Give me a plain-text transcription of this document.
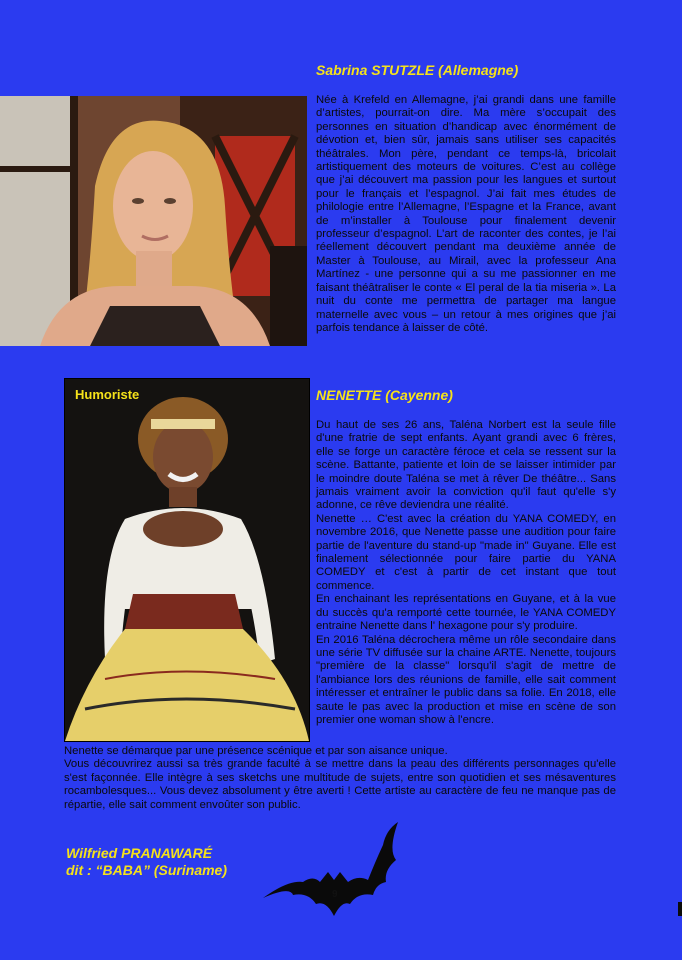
Sabrina STUTZLE (Allemagne)

Née à Krefeld en Allemagne, j’ai grandi dans une famille d’artistes, pourrait-on dire. Ma mère s’occupait des personnes en situation d’handicap avec énormément de dévotion et, bien sûr, jamais sans utiliser ses capacités théâtrales. Mon père, pendant ce temps-là, bricolait artistiquement des moteurs de voitures. C’est au collège que j’ai découvert ma passion pour les langues et surtout pour le français et l’espagnol. J’ai fait mes études de philologie entre l’Allemagne, l’Espagne et la France, avant de m’installer à Toulouse pour finalement devenir professeur d’espagnol. L’art de raconter des contes, je l’ai réellement découvert pendant ma deuxième année de Master à Toulouse, au Mirail, avec la professeur Ana Martínez - une personne qui a su me passionner en me faisant théâtraliser le conte « El peral de la tia miseria ». La nuit du conte me permettra de partager ma langue maternelle avec vous – un retour à mes origines que j’ai parfois tendance à laisser de côté.

Humoriste	NENETTE (Cayenne)

Du haut de ses 26 ans, Taléna Norbert est la seule fille d'une fratrie de sept enfants. Ayant grandi avec 6 frères, elle se forge un caractère féroce et cela se ressent sur la scène. Battante, patiente et loin de se laisser intimider par le moindre doute Taléna se met à rêver De théâtre... Sans jamais vraiment avoir la conviction qu'il faut qu'elle s'y adonne, ce rêve deviendra une réalité.
Nenette … C'est avec la création du YANA COMEDY, en novembre 2016, que Nenette passe une audition pour faire partie de l'aventure du stand-up "made in" Guyane. Elle est finalement sélectionnée pour faire partie du YANA COMEDY et c'est à partir de cet instant que tout commence.
En enchainant les représentations en Guyane, et à la vue du succès qu'a remporté cette tournée, le YANA COMEDY entraine Nenette dans l' hexagone pour s'y produire.
En 2016 Taléna décrochera même un rôle secondaire dans une série TV diffusée sur la chaine ARTE. Nenette, toujours "première de la classe" lorsqu'il s'agit de mettre de l'ambiance lors des réunions de famille, elle sait comment intéresser et entraîner le public dans sa folie. En 2018, elle saute le pas avec la production et mise en scène de son premier one woman show à l'encre.

Nenette se démarque par une présence scénique et par son aisance unique.
Vous découvrirez aussi sa très grande faculté à se mettre dans la peau des différents personnages qu'elle s'est façonnée. Elle intègre à ses sketchs une multitude de sujets, entre son quotidien et ses mésaventures rocambolesques... Vous devez absolument y être averti ! Cette artiste au caractère de feu ne manque pas de répartie, elle sait comment envoûter son public.

Wilfried PRANAWARÉ
dit : “BABA” (Suriname)
9
